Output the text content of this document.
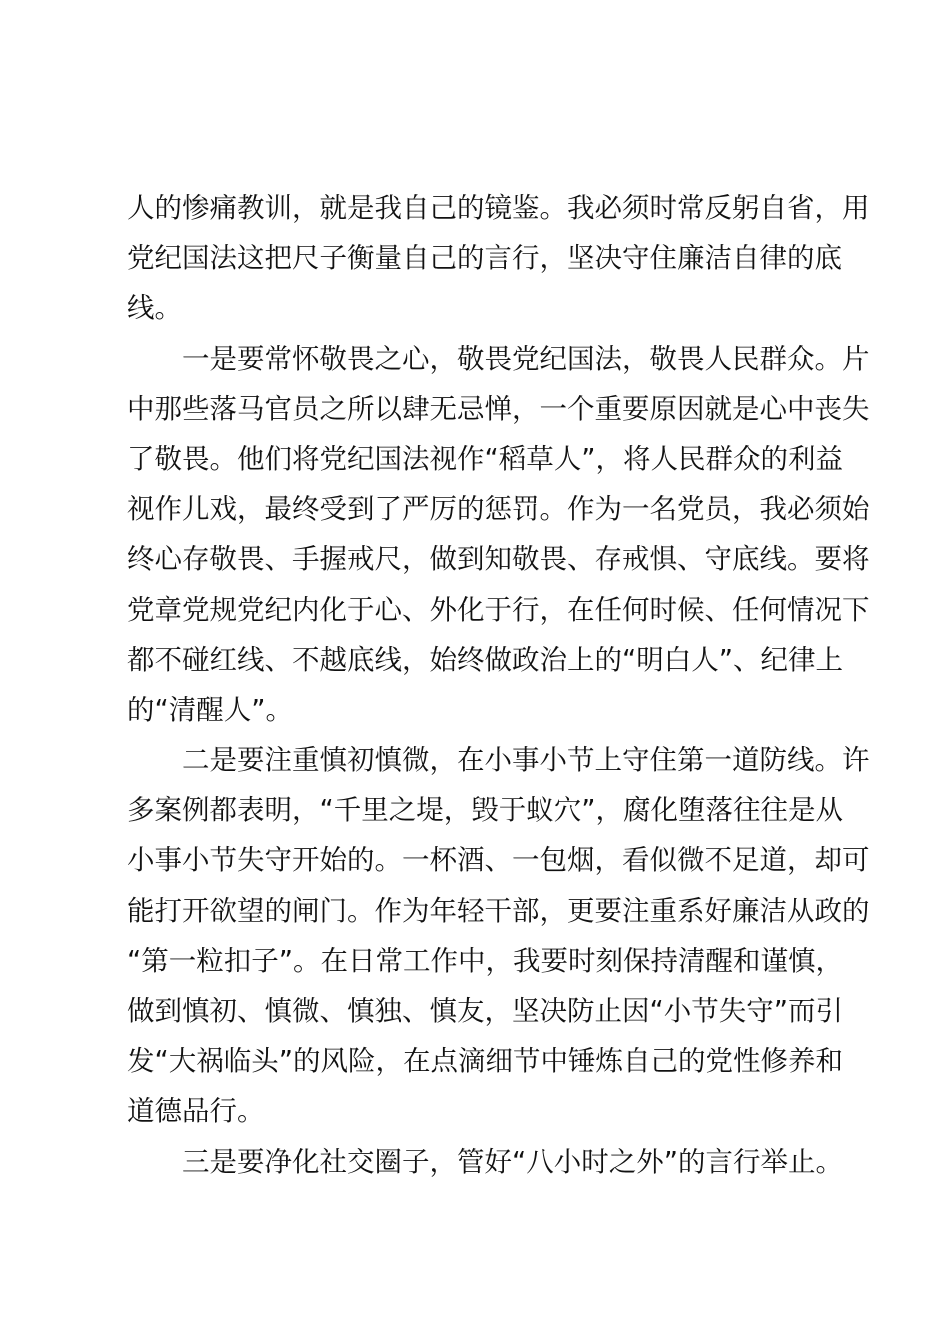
人的惨痛教训，就是我自己的镜鉴。我必须时常反躬自省，用
党纪国法这把尺子衡量自己的言行，坚决守住廉洁自律的底
线。
一是要常怀敬畏之心，敬畏党纪国法，敬畏人民群众。片
中那些落马官员之所以肆无忌惮，一个重要原因就是心中丧失
了敬畏。他们将党纪国法视作“稻草人”，将人民群众的利益
视作儿戏，最终受到了严厉的惩罚。作为一名党员，我必须始
终心存敬畏、手握戒尺，做到知敬畏、存戒惧、守底线。要将
党章党规党纪内化于心、外化于行，在任何时候、任何情况下
都不碰红线、不越底线，始终做政治上的“明白人”、纪律上
的“清醒人”。
二是要注重慎初慎微，在小事小节上守住第一道防线。许
多案例都表明，“千里之堤，毁于蚁穴”，腐化堕落往往是从
小事小节失守开始的。一杯酒、一包烟，看似微不足道，却可
能打开欲望的闸门。作为年轻干部，更要注重系好廉洁从政的
“第一粒扣子”。在日常工作中，我要时刻保持清醒和谨慎，
做到慎初、慎微、慎独、慎友，坚决防止因“小节失守”而引
发“大祸临头”的风险，在点滴细节中锤炼自己的党性修养和
道德品行。
三是要净化社交圈子，管好“八小时之外”的言行举止。
